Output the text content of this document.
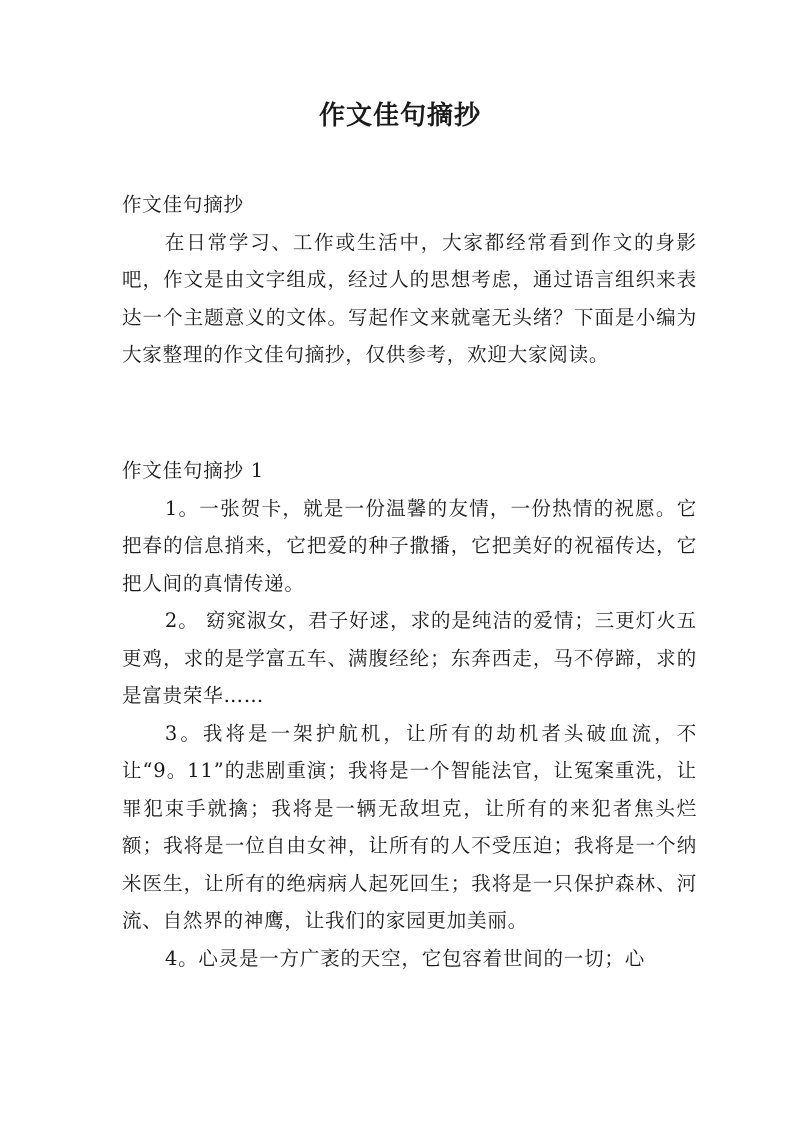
作文佳句摘抄

作文佳句摘抄

在日常学习、工作或生活中，大家都经常看到作文的身影吧，作文是由文字组成，经过人的思想考虑，通过语言组织来表达一个主题意义的文体。写起作文来就毫无头绪？下面是小编为大家整理的作文佳句摘抄，仅供参考，欢迎大家阅读。

作文佳句摘抄 1

1。一张贺卡，就是一份温馨的友情，一份热情的祝愿。它把春的信息捎来，它把爱的种子撒播，它把美好的祝福传达，它把人间的真情传递。

2。 窈窕淑女，君子好逑，求的是纯洁的爱情；三更灯火五更鸡，求的是学富五车、满腹经纶；东奔西走，马不停蹄，求的是富贵荣华……

3。我将是一架护航机，让所有的劫机者头破血流，不让“9。11”的悲剧重演；我将是一个智能法官，让冤案重洗，让罪犯束手就擒；我将是一辆无敌坦克，让所有的来犯者焦头烂额；我将是一位自由女神，让所有的人不受压迫；我将是一个纳米医生，让所有的绝病病人起死回生；我将是一只保护森林、河流、自然界的神鹰，让我们的家园更加美丽。

4。心灵是一方广袤的天空，它包容着世间的一切；心
